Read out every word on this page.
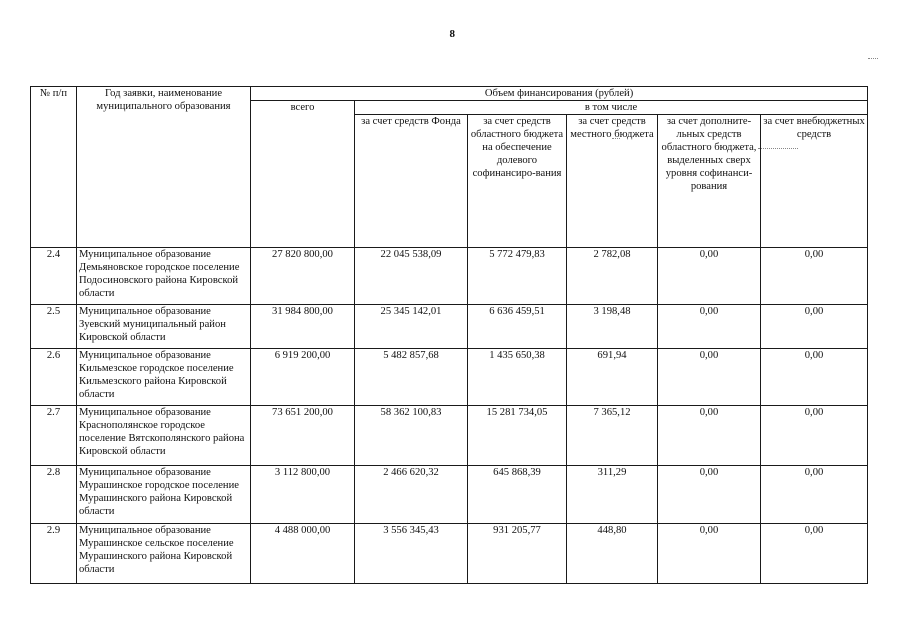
8
№ п/п	Год заявки, наименование муниципального образования	Объем финансирования (рублей)					
		всего	в том числе				
			за счет средств Фонда	за счет средств областного бюджета на обеспечение долевого софинансиро-вания	за счет средств местного бюджета	за счет дополните-льных средств областного бюджета, выделенных сверх уровня софинанси-рования	за счет внебюджетных средств
2.4	Муниципальное образование Демьяновское городское поселение Подосиновского района Кировской области	27 820 800,00	22 045 538,09	5 772 479,83	2 782,08	0,00	0,00
2.5	Муниципальное образование Зуевский муниципальный район Кировской области	31 984 800,00	25 345 142,01	6 636 459,51	3 198,48	0,00	0,00
2.6	Муниципальное образование Кильмезское городское поселение Кильмезского района Кировской области	6 919 200,00	5 482 857,68	1 435 650,38	691,94	0,00	0,00
2.7	Муниципальное образование Краснополянское городское поселение Вятскополянского района Кировской области	73 651 200,00	58 362 100,83	15 281 734,05	7 365,12	0,00	0,00
2.8	Муниципальное образование Мурашинское городское поселение Мурашинского района Кировской области	3 112 800,00	2 466 620,32	645 868,39	311,29	0,00	0,00
2.9	Муниципальное образование Мурашинское сельское поселение Мурашинского района Кировской области	4 488 000,00	3 556 345,43	931 205,77	448,80	0,00	0,00
